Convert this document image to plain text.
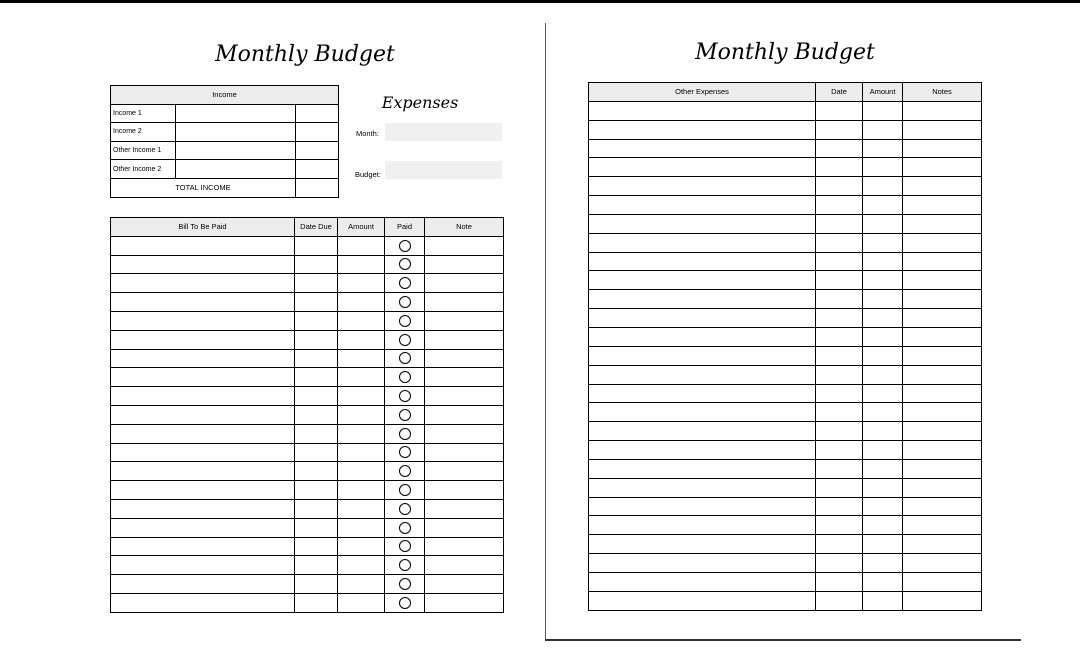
Monthly Budget
Income		
Income 1		
Income 2		
Other Income 1		
Other Income 2		
TOTAL INCOME		
Expenses
Month:
Budget:
Bill To Be Paid	Date Due	Amount	Paid	Note

Monthly Budget
Other Expenses	Date	Amount	Notes
